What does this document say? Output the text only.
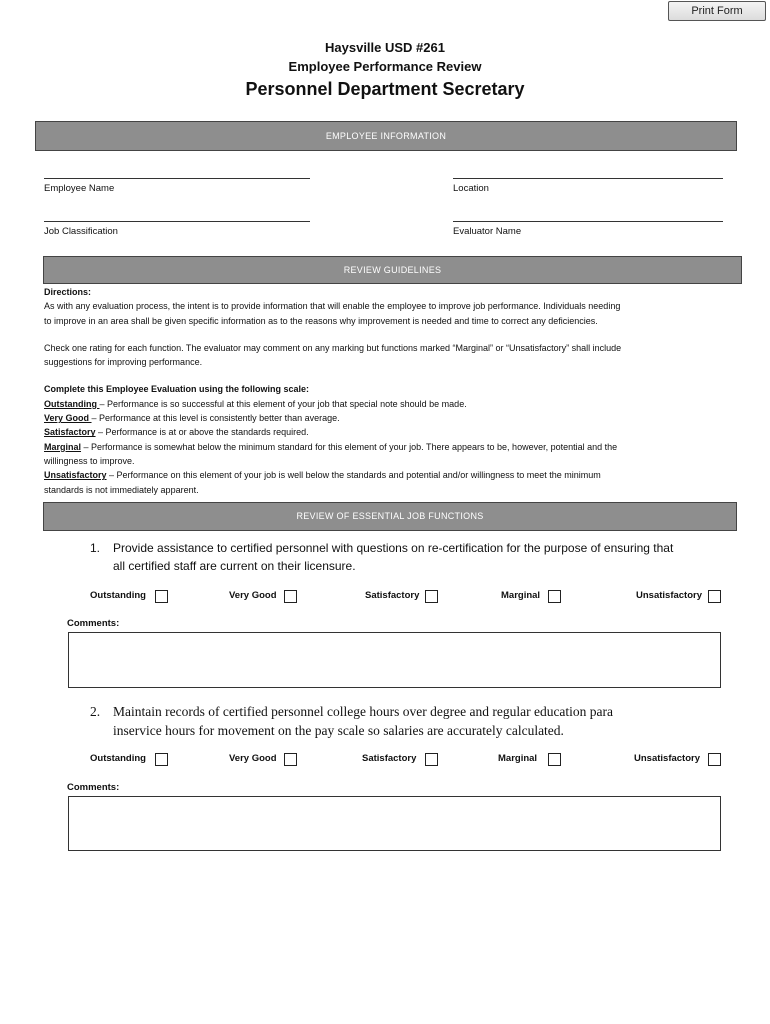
Print Form
Haysville USD #261
Employee Performance Review
Personnel Department Secretary
EMPLOYEE INFORMATION
Employee Name	Location
Job Classification	Evaluator Name
REVIEW GUIDELINES
Directions:
As with any evaluation process, the intent is to provide information that will enable the employee to improve job performance. Individuals needing
to improve in an area shall be given specific information as to the reasons why improvement is needed and time to correct any deficiencies.
Check one rating for each function. The evaluator may comment on any marking but functions marked “Marginal” or “Unsatisfactory” shall include
suggestions for improving performance.
Complete this Employee Evaluation using the following scale:
Outstanding – Performance is so successful at this element of your job that special note should be made.
Very Good – Performance at this level is consistently better than average.
Satisfactory – Performance is at or above the standards required.
Marginal – Performance is somewhat below the minimum standard for this element of your job. There appears to be, however, potential and the
willingness to improve.
Unsatisfactory – Performance on this element of your job is well below the standards and potential and/or willingness to meet the minimum
standards is not immediately apparent.
REVIEW OF ESSENTIAL JOB FUNCTIONS
1. Provide assistance to certified personnel with questions on re-certification for the purpose of ensuring that
all certified staff are current on their licensure.
Outstanding	Very Good	Satisfactory	Marginal	Unsatisfactory
Comments:
2. Maintain records of certified personnel college hours over degree and regular education para
inservice hours for movement on the pay scale so salaries are accurately calculated.
Outstanding	Very Good	Satisfactory	Marginal	Unsatisfactory
Comments:
